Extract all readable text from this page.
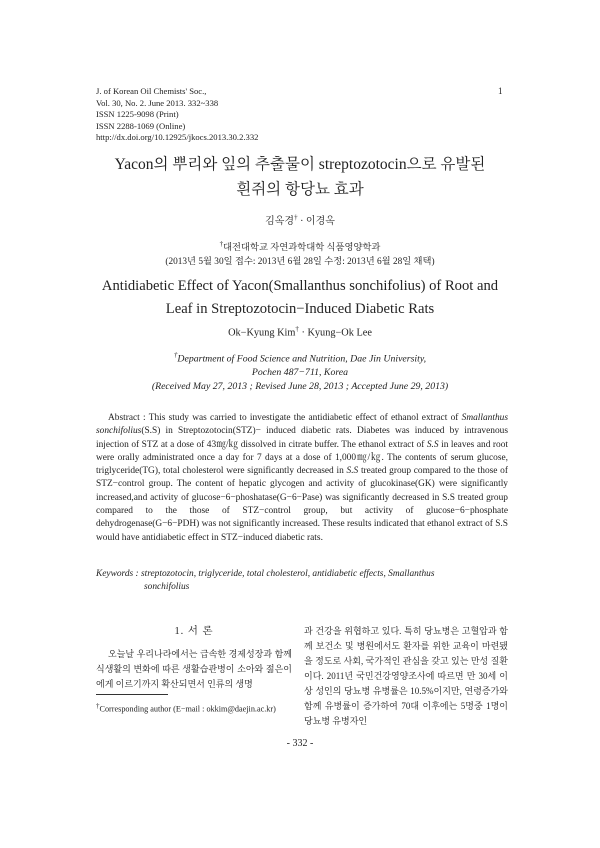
J. of Korean Oil Chemists' Soc.,
Vol. 30, No. 2. June 2013. 332~338
ISSN 1225-9098 (Print)
ISSN 2288-1069 (Online)
http://dx.doi.org/10.12925/jkocs.2013.30.2.332
1
Yacon의 뿌리와 잎의 추출물이 streptozotocin으로 유발된
흰쥐의 항당뇨 효과
김옥경† · 이경옥
†대전대학교 자연과학대학 식품영양학과
(2013년 5월 30일 접수: 2013년 6월 28일 수정: 2013년 6월 28일 채택)
Antidiabetic Effect of Yacon(Smallanthus sonchifolius) of Root and
Leaf in Streptozotocin−Induced Diabetic Rats
Ok−Kyung Kim† · Kyung−Ok Lee
†Department of Food Science and Nutrition, Dae Jin University,
Pochen 487−711, Korea
(Received May 27, 2013 ; Revised June 28, 2013 ; Accepted June 29, 2013)
Abstract : This study was carried to investigate the antidiabetic effect of ethanol extract of Smallanthus sonchifolius(S.S) in Streptozotocin(STZ)− induced diabetic rats. Diabetes was induced by intravenous injection of STZ at a dose of 43㎎/㎏ dissolved in citrate buffer. The ethanol extract of S.S in leaves and root were orally administrated once a day for 7 days at a dose of 1,000㎎/㎏. The contents of serum glucose, triglyceride(TG), total cholesterol were significantly decreased in S.S treated group compared to the those of STZ−control group. The content of hepatic glycogen and activity of glucokinase(GK) were significantly increased,and activity of glucose−6−phoshatase(G−6−Pase) was significantly decreased in S.S treated group compared to the those of STZ−control group, but activity of glucose−6−phosphate dehydrogenase(G−6−PDH) was not significantly increased. These results indicated that ethanol extract of S.S would have antidiabetic effect in STZ−induced diabetic rats.
Keywords : streptozotocin, triglyceride, total cholesterol, antidiabetic effects, Smallanthus
sonchifolius
1. 서 론

오늘날 우리나라에서는 급속한 경제성장과 함께 식생활의 변화에 따른 생활습관병이 소아와 젊은이에게 이르기까지 확산되면서 인류의 생명

†Corresponding author (E−mail : okkim@daejin.ac.kr)

과 건강을 위협하고 있다. 특히 당뇨병은 고혈압과 함께 보건소 및 병원에서도 환자를 위한 교육이 마련됐을 정도로 사회, 국가적인 관심을 갖고 있는 만성 질환이다. 2011년 국민건강영양조사에 따르면 만 30세 이상 성인의 당뇨병 유병률은 10.5%이지만, 연령증가와 함께 유병률이 증가하여 70대 이후에는 5명중 1명이 당뇨병 유병자인

- 332 -
